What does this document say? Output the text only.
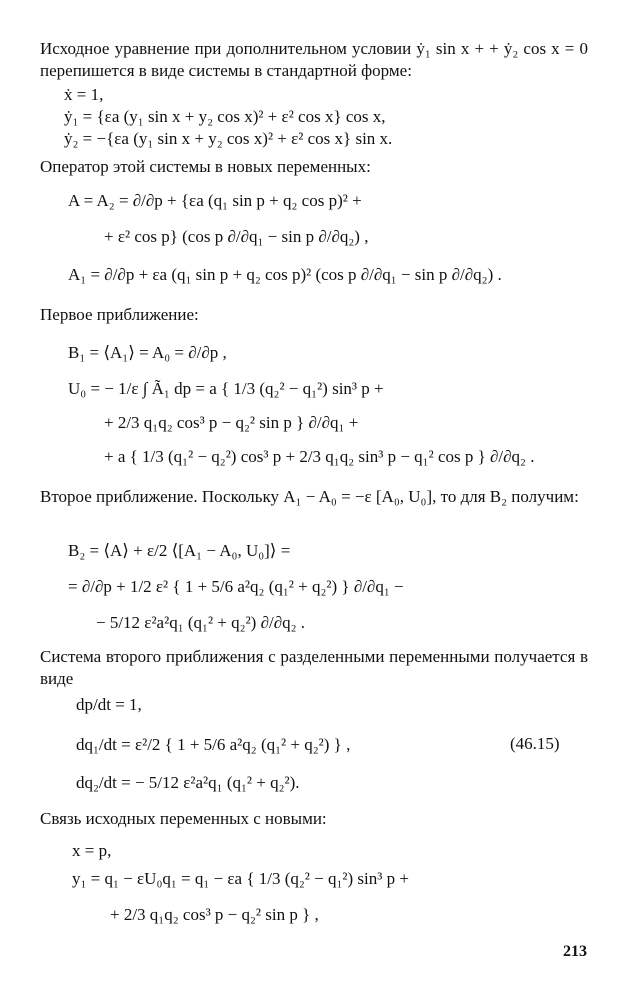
Исходное уравнение при дополнительном условии ẏ₁ sin x + + ẏ₂ cos x = 0 перепишется в виде системы в стандартной форме:
ẋ = 1,
ẏ₁ = {εa (y₁ sin x + y₂ cos x)² + ε² cos x} cos x,
ẏ₂ = −{εa (y₁ sin x + y₂ cos x)² + ε² cos x} sin x.
Оператор этой системы в новых переменных:
A = A₂ = ∂/∂p + {εa (q₁ sin p + q₂ cos p)² +
+ ε² cos p} (cos p ∂/∂q₁ − sin p ∂/∂q₂) ,
A₁ = ∂/∂p + εa (q₁ sin p + q₂ cos p)² (cos p ∂/∂q₁ − sin p ∂/∂q₂) .
Первое приближение:
B₁ = ⟨A₁⟩ = A₀ = ∂/∂p ,
U₀ = − 1/ε ∫ Ã₁ dp = a { 1/3 (q₂² − q₁²) sin³ p +
+ 2/3 q₁q₂ cos³ p − q₂² sin p } ∂/∂q₁ +
+ a { 1/3 (q₁² − q₂²) cos³ p + 2/3 q₁q₂ sin³ p − q₁² cos p } ∂/∂q₂ .
Второе приближение. Поскольку A₁ − A₀ = −ε [A₀, U₀], то для B₂ получим:
B₂ = ⟨A⟩ + ε/2 ⟨[A₁ − A₀, U₀]⟩ =
= ∂/∂p + 1/2 ε² { 1 + 5/6 a²q₂ (q₁² + q₂²) } ∂/∂q₁ −
− 5/12 ε²a²q₁ (q₁² + q₂²) ∂/∂q₂ .
Система второго приближения с разделенными переменными получается в виде
dp/dt = 1,
dq₁/dt = ε²/2 { 1 + 5/6 a²q₂ (q₁² + q₂²) } ,	(46.15)
dq₂/dt = − 5/12 ε²a²q₁ (q₁² + q₂²).
Связь исходных переменных с новыми:
x = p,
y₁ = q₁ − εU₀q₁ = q₁ − εa { 1/3 (q₂² − q₁²) sin³ p +
+ 2/3 q₁q₂ cos³ p − q₂² sin p } ,
213
